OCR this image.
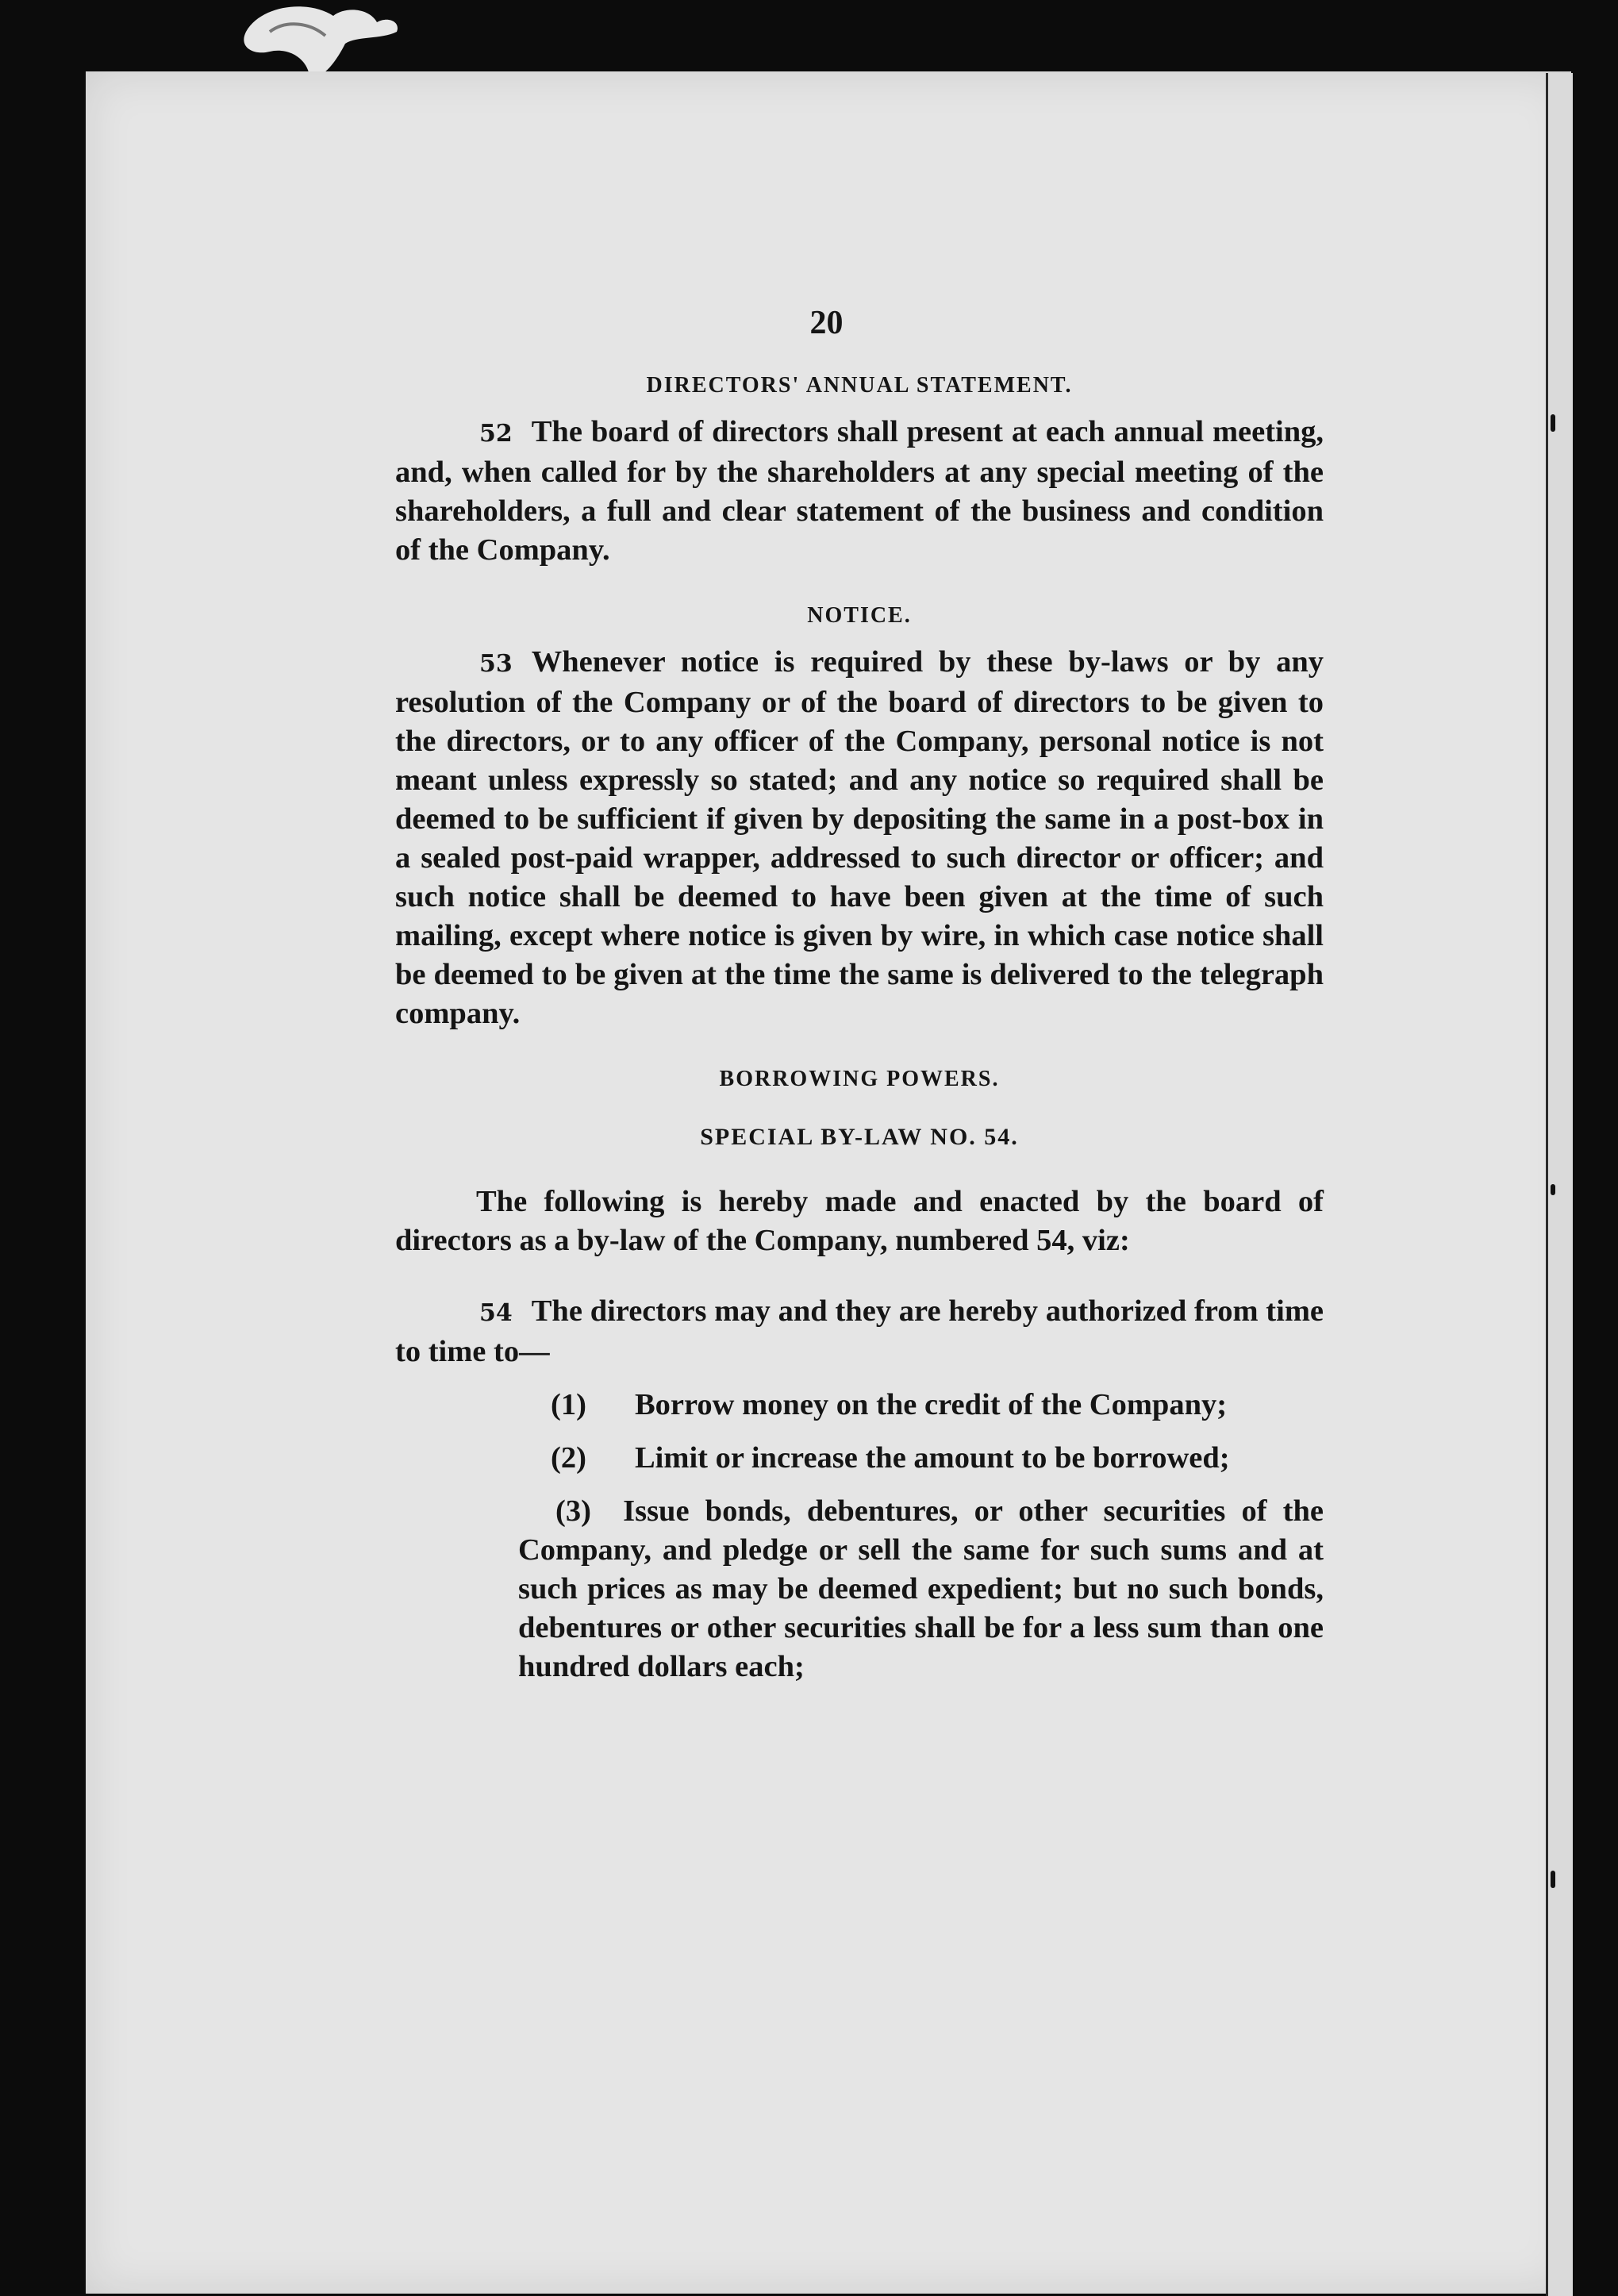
20

DIRECTORS' ANNUAL STATEMENT.

52 The board of directors shall present at each annual meeting, and, when called for by the shareholders at any special meeting of the shareholders, a full and clear statement of the business and condition of the Company.

NOTICE.

53 Whenever notice is required by these by-laws or by any resolution of the Company or of the board of directors to be given to the directors, or to any officer of the Company, personal notice is not meant unless expressly so stated; and any notice so required shall be deemed to be sufficient if given by depositing the same in a post-box in a sealed post-paid wrapper, addressed to such director or officer; and such notice shall be deemed to have been given at the time of such mailing, except where notice is given by wire, in which case notice shall be deemed to be given at the time the same is delivered to the telegraph company.

BORROWING POWERS.

SPECIAL BY-LAW NO. 54.

The following is hereby made and enacted by the board of directors as a by-law of the Company, numbered 54, viz:

54 The directors may and they are hereby authorized from time to time to—

(1)	Borrow money on the credit of the Company;
(2)	Limit or increase the amount to be borrowed;
(3) Issue bonds, debentures, or other securities of the Company, and pledge or sell the same for such sums and at such prices as may be deemed expedient; but no such bonds, debentures or other securities shall be for a less sum than one hundred dollars each;
